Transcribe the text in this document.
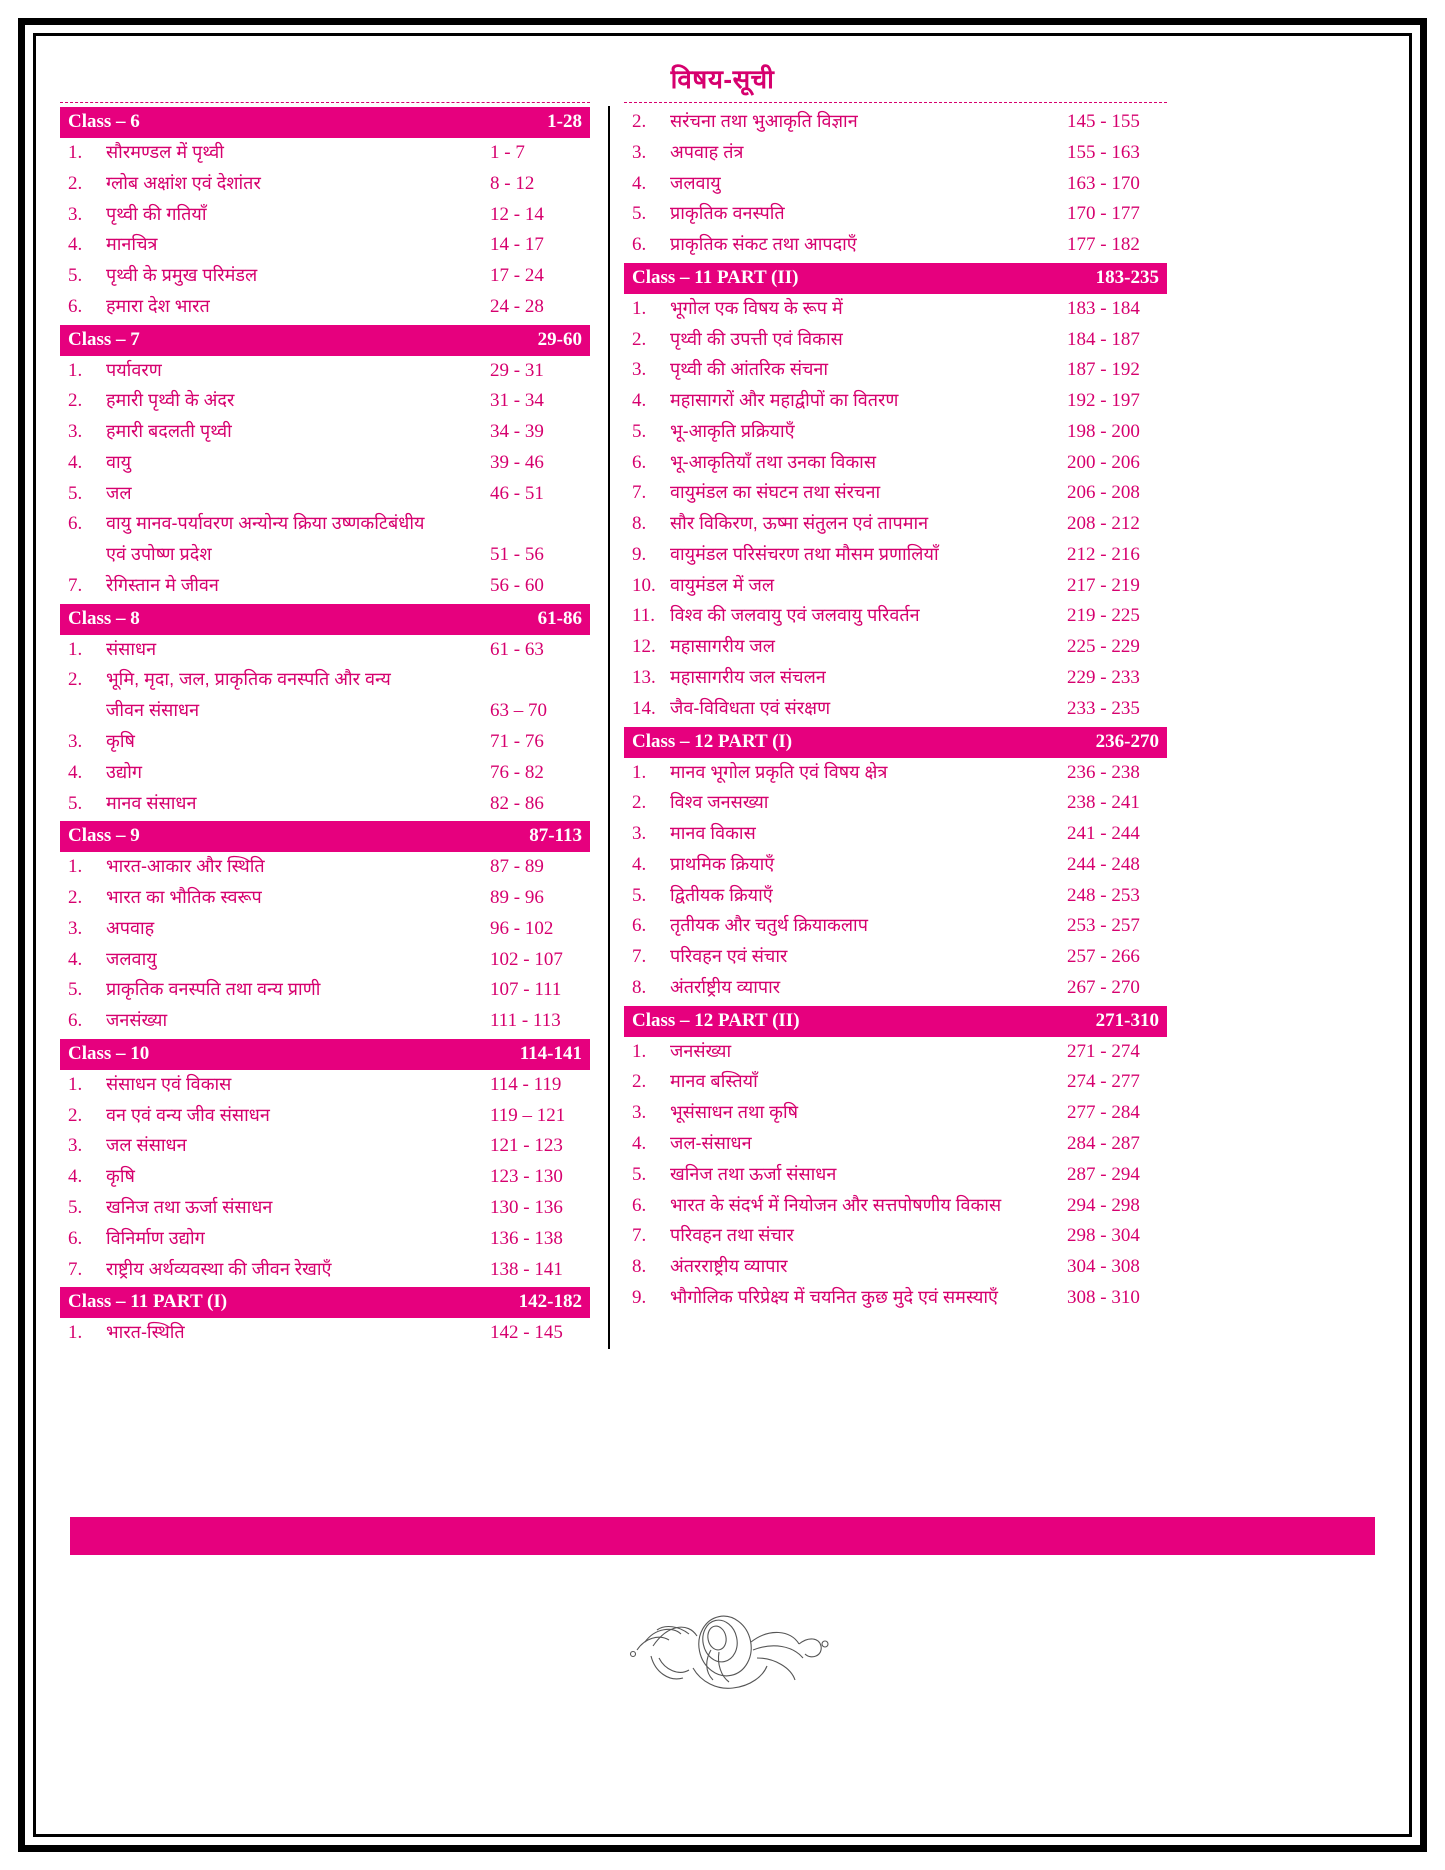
विषय-सूची
Class – 6	1-28
1.	सौरमण्डल में पृथ्वी	1 - 7
2.	ग्लोब अक्षांश एवं देशांतर	8 - 12
3.	पृथ्वी की गतियाँ	12 - 14
4.	मानचित्र	14 - 17
5.	पृथ्वी के प्रमुख परिमंडल	17 - 24
6.	हमारा देश भारत	24 - 28
Class – 7	29-60
1.	पर्यावरण	29 - 31
2.	हमारी पृथ्वी के अंदर	31 - 34
3.	हमारी बदलती पृथ्वी	34 - 39
4.	वायु	39 - 46
5.	जल	46 - 51
6.	वायु मानव-पर्यावरण अन्योन्य क्रिया उष्णकटिबंधीय
एवं उपोष्ण प्रदेश	51 - 56
7.	रेगिस्तान मे जीवन	56 - 60
Class – 8	61-86
1.	संसाधन	61 - 63
2.	भूमि, मृदा, जल, प्राकृतिक वनस्पति और वन्य
जीवन संसाधन	63 – 70
3.	कृषि	71 - 76
4.	उद्योग	76 - 82
5.	मानव संसाधन	82 - 86
Class – 9	87-113
1.	भारत-आकार और स्थिति	87 - 89
2.	भारत का भौतिक स्वरूप	89 - 96
3.	अपवाह	96 - 102
4.	जलवायु	102 - 107
5.	प्राकृतिक वनस्पति तथा वन्य प्राणी	107 - 111
6.	जनसंख्या	111 - 113
Class – 10	114-141
1.	संसाधन एवं विकास	114 - 119
2.	वन एवं वन्य जीव संसाधन	119 – 121
3.	जल संसाधन	121 - 123
4.	कृषि	123 - 130
5.	खनिज तथा ऊर्जा संसाधन	130 - 136
6.	विनिर्माण उद्योग	136 - 138
7.	राष्ट्रीय अर्थव्यवस्था की जीवन रेखाएँ	138 - 141
Class – 11 PART (I)	142-182
1.	भारत-स्थिति	142 - 145
2.	सरंचना तथा भुआकृति विज्ञान	145 - 155
3.	अपवाह तंत्र	155 - 163
4.	जलवायु	163 - 170
5.	प्राकृतिक वनस्पति	170 - 177
6.	प्राकृतिक संकट तथा आपदाएँ	177 - 182
Class – 11 PART (II)	183-235
1.	भूगोल एक विषय के रूप में	183 - 184
2.	पृथ्वी की उपत्ती एवं विकास	184 - 187
3.	पृथ्वी की आंतरिक संचना	187 - 192
4.	महासागरों और महाद्वीपों का वितरण	192 - 197
5.	भू-आकृति प्रक्रियाएँ	198 - 200
6.	भू-आकृतियाँ तथा उनका विकास	200 - 206
7.	वायुमंडल का संघटन तथा संरचना	206 - 208
8.	सौर विकिरण, ऊष्मा संतुलन एवं तापमान	208 - 212
9.	वायुमंडल परिसंचरण तथा मौसम प्रणालियाँ	212 - 216
10. वायुमंडल में जल	217 - 219
11. विश्व की जलवायु एवं जलवायु परिवर्तन	219 - 225
12. महासागरीय जल	225 - 229
13. महासागरीय जल संचलन	229 - 233
14. जैव-विविधता एवं संरक्षण	233 - 235
Class – 12 PART (I)	236-270
1.	मानव भूगोल प्रकृति एवं विषय क्षेत्र	236 - 238
2.	विश्व जनसख्या	238 - 241
3.	मानव विकास	241 - 244
4.	प्राथमिक क्रियाएँ	244 - 248
5.	द्वितीयक क्रियाएँ	248 - 253
6.	तृतीयक और चतुर्थ क्रियाकलाप	253 - 257
7.	परिवहन एवं संचार	257 - 266
8.	अंतर्राष्ट्रीय व्यापार	267 - 270
Class – 12 PART (II)	271-310
1.	जनसंख्या	271 - 274
2.	मानव बस्तियाँ	274 - 277
3.	भूसंसाधन तथा कृषि	277 - 284
4.	जल-संसाधन	284 - 287
5.	खनिज तथा ऊर्जा संसाधन	287 - 294
6.	भारत के संदर्भ में नियोजन और सत्तपोषणीय विकास	294 - 298
7.	परिवहन तथा संचार	298 - 304
8.	अंतरराष्ट्रीय व्यापार	304 - 308
9.	भौगोलिक परिप्रेक्ष्य में चयनित कुछ मुदे एवं समस्याएँ	308 - 310
